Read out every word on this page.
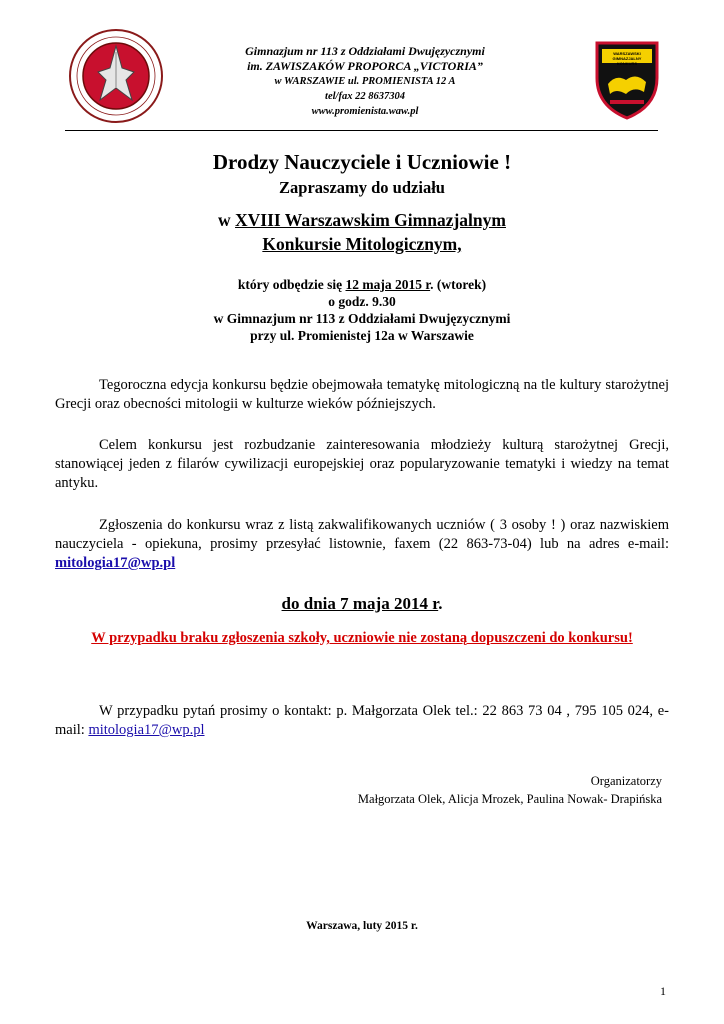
Gimnazjum nr 113 z Oddziałami Dwujęzycznymi
im. ZAWISZAKÓW PROPORCA „VICTORIA”
w WARSZAWIE ul. PROMIENISTA 12 A
tel/fax 22 8637304
www.promienista.waw.pl
WARSZAWSKI GIMNAZJALNY KONKURS
Drodzy Nauczyciele i Uczniowie !
Zapraszamy do udziału
w XVIII Warszawskim Gimnazjalnym
Konkursie Mitologicznym,
który odbędzie się 12 maja 2015 r. (wtorek)
o godz. 9.30
w Gimnazjum nr 113 z Oddziałami Dwujęzycznymi
przy ul. Promienistej 12a w Warszawie
Tegoroczna edycja konkursu będzie obejmowała tematykę mitologiczną na tle kultury starożytnej Grecji oraz obecności mitologii w kulturze wieków późniejszych.
Celem konkursu jest rozbudzanie zainteresowania młodzieży kulturą starożytnej Grecji, stanowiącej jeden z filarów cywilizacji europejskiej oraz popularyzowanie tematyki i wiedzy na temat antyku.
Zgłoszenia do konkursu wraz z listą zakwalifikowanych uczniów ( 3 osoby ! ) oraz nazwiskiem nauczyciela - opiekuna, prosimy przesyłać listownie, faxem (22 863-73-04) lub na adres e-mail: mitologia17@wp.pl
do dnia 7 maja 2014 r.
W przypadku braku zgłoszenia szkoły, uczniowie nie zostaną dopuszczeni do konkursu!
W przypadku pytań prosimy o kontakt: p. Małgorzata Olek tel.: 22 863 73 04 , 795 105 024, e-mail: mitologia17@wp.pl
Organizatorzy
Małgorzata Olek, Alicja Mrozek, Paulina Nowak- Drapińska
Warszawa, luty 2015 r.
1
